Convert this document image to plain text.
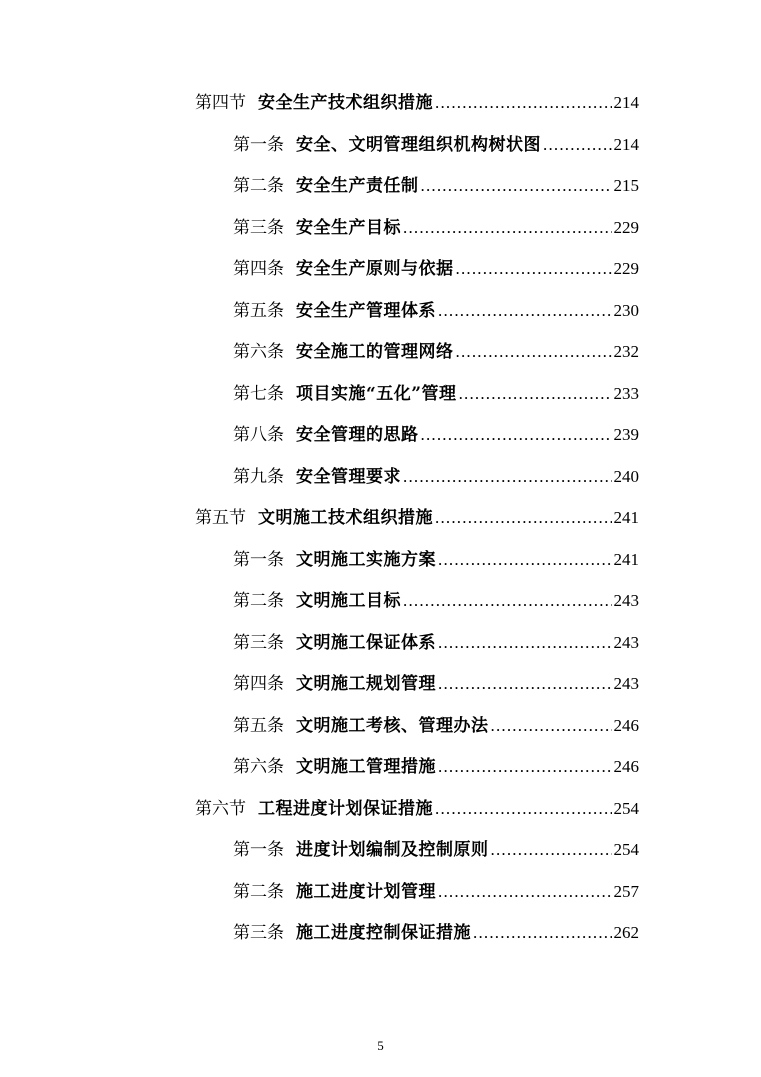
第四节 安全生产技术组织措施 .....	214
第一条 安全、文明管理组织机构树状图 .....	214
第二条 安全生产责任制 .....	215
第三条 安全生产目标 .....	229
第四条 安全生产原则与依据 .....	229
第五条 安全生产管理体系 .....	230
第六条 安全施工的管理网络 .....	232
第七条 项目实施“五化”管理 .....	233
第八条 安全管理的思路 .....	239
第九条 安全管理要求 .....	240
第五节 文明施工技术组织措施 .....	241
第一条 文明施工实施方案 .....	241
第二条 文明施工目标 .....	243
第三条 文明施工保证体系 .....	243
第四条 文明施工规划管理 .....	243
第五条 文明施工考核、管理办法 .....	246
第六条 文明施工管理措施 .....	246
第六节 工程进度计划保证措施 .....	254
第一条 进度计划编制及控制原则 .....	254
第二条 施工进度计划管理 .....	257
第三条 施工进度控制保证措施 .....	262
5
